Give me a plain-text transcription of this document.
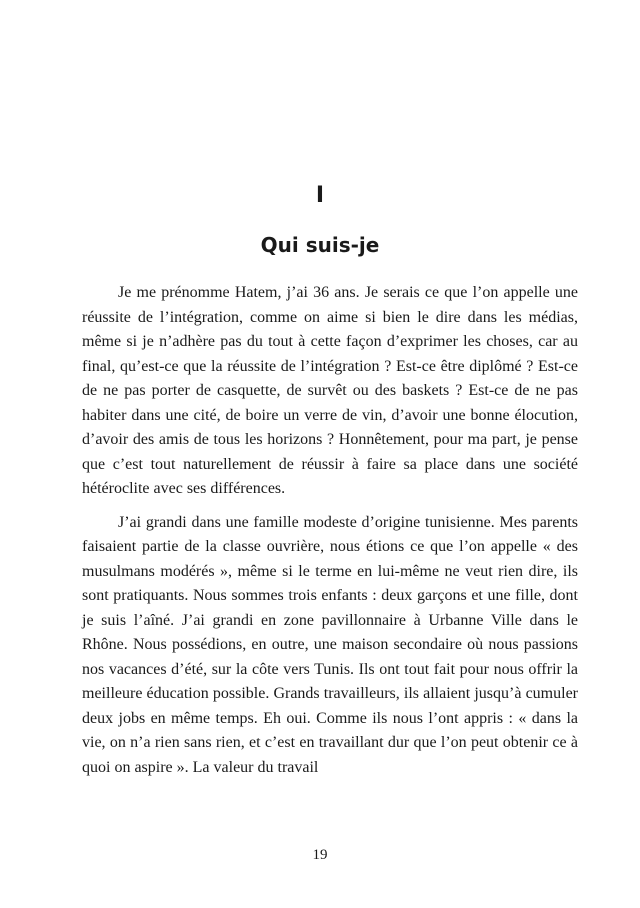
I
Qui suis-je

Je me prénomme Hatem, j’ai 36 ans. Je serais ce que l’on appelle une réussite de l’intégration, comme on aime si bien le dire dans les médias, même si je n’adhère pas du tout à cette façon d’exprimer les choses, car au final, qu’est-ce que la réussite de l’intégration ? Est-ce être diplômé ? Est-ce de ne pas porter de casquette, de survêt ou des baskets ? Est-ce de ne pas habiter dans une cité, de boire un verre de vin, d’avoir une bonne élocution, d’avoir des amis de tous les horizons ? Honnêtement, pour ma part, je pense que c’est tout naturellement de réussir à faire sa place dans une société hétéroclite avec ses différences.

J’ai grandi dans une famille modeste d’origine tunisienne. Mes parents faisaient partie de la classe ouvrière, nous étions ce que l’on appelle « des musulmans modérés », même si le terme en lui-même ne veut rien dire, ils sont pratiquants. Nous sommes trois enfants : deux garçons et une fille, dont je suis l’aîné. J’ai grandi en zone pavillonnaire à Urbanne Ville dans le Rhône. Nous possédions, en outre, une maison secondaire où nous passions nos vacances d’été, sur la côte vers Tunis. Ils ont tout fait pour nous offrir la meilleure éducation possible. Grands travailleurs, ils allaient jusqu’à cumuler deux jobs en même temps. Eh oui. Comme ils nous l’ont appris : « dans la vie, on n’a rien sans rien, et c’est en travaillant dur que l’on peut obtenir ce à quoi on aspire ». La valeur du travail

19
